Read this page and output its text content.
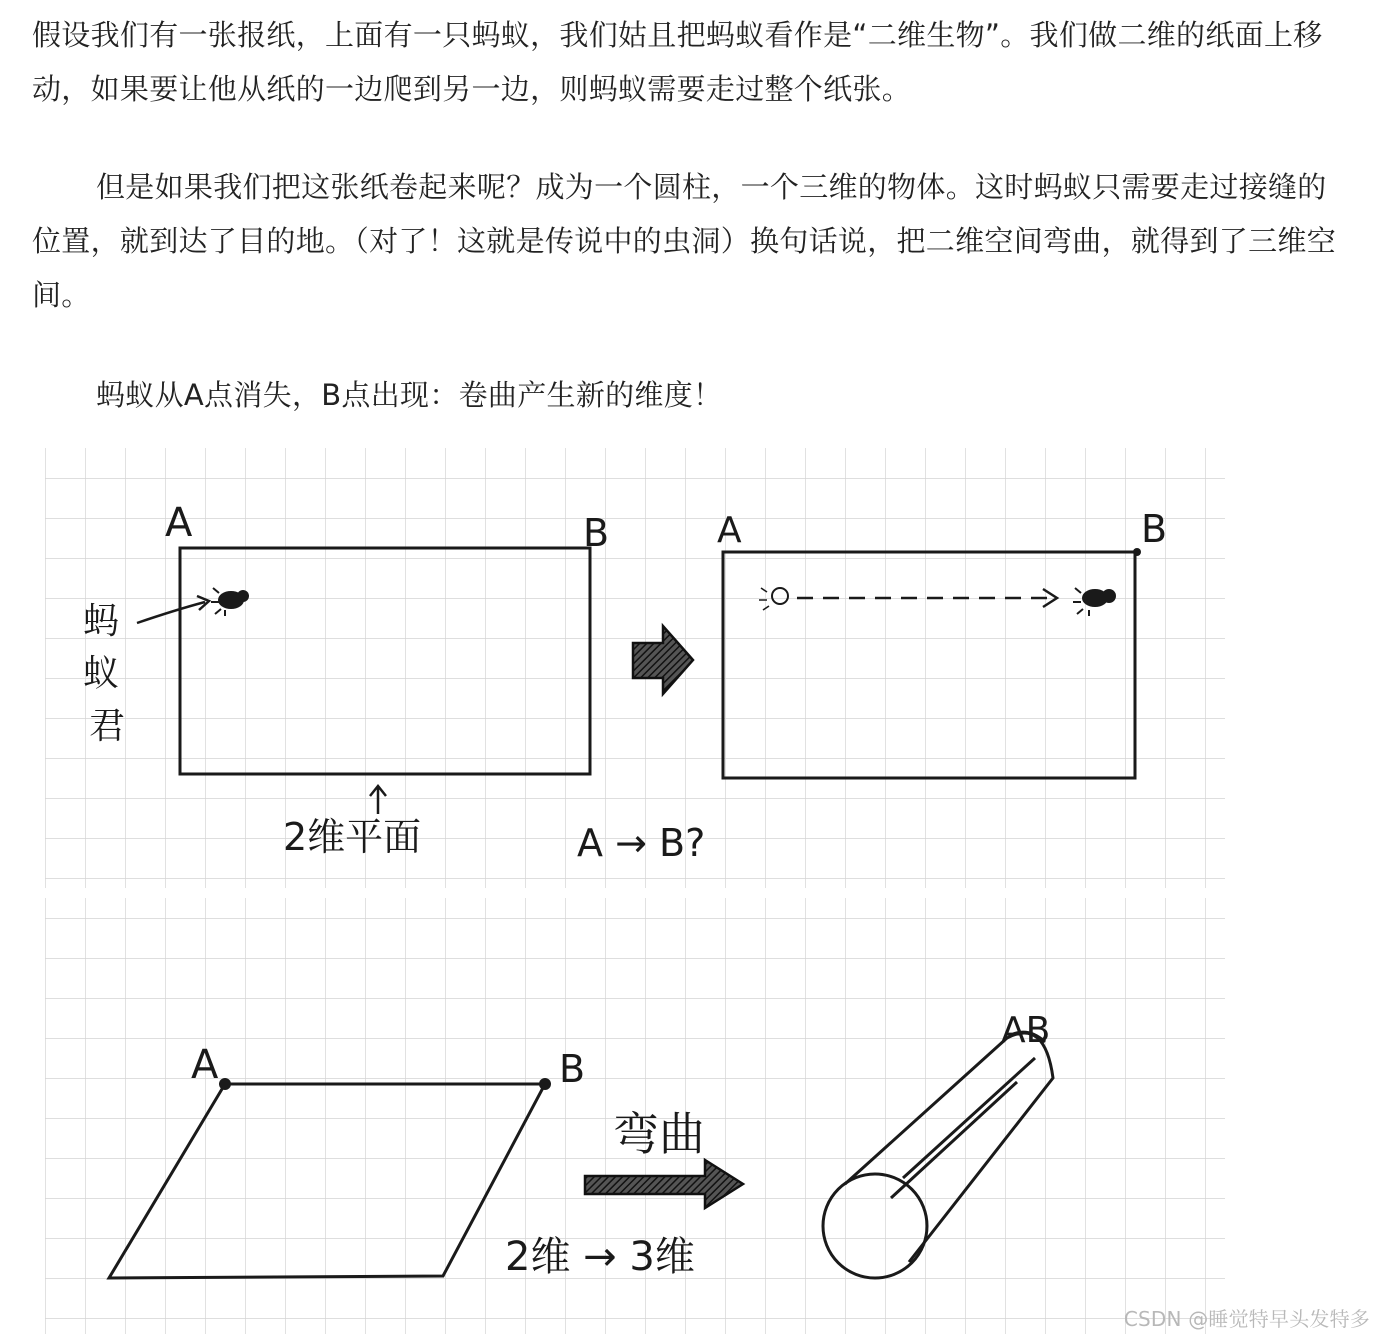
假设我们有一张报纸，上面有一只蚂蚁，我们姑且把蚂蚁看作是“二维生物”。我们做二维的纸面上移动，如果要让他从纸的一边爬到另一边，则蚂蚁需要走过整个纸张。

但是如果我们把这张纸卷起来呢？成为一个圆柱，一个三维的物体。这时蚂蚁只需要走过接缝的位置，就到达了目的地。（对了！这就是传说中的虫洞）换句话说，把二维空间弯曲，就得到了三维空间。

蚂蚁从A点消失，B点出现：卷曲产生新的维度！

A	B
蚂
蚁
君
2维平面
A	B
A → B?
A	B
弯曲
2维 → 3维
AB
CSDN @睡觉特早头发特多
